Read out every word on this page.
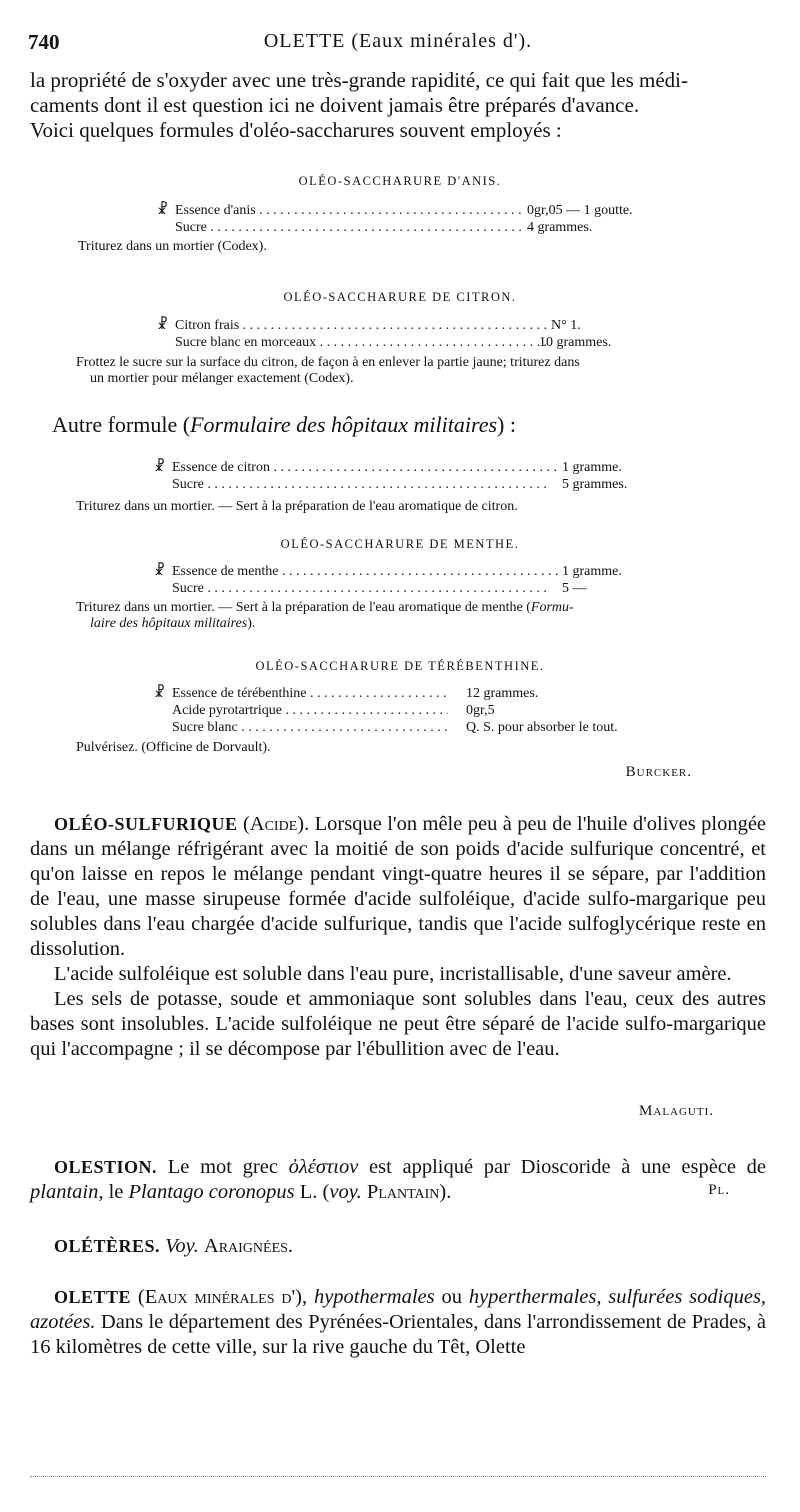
740	OLETTE (Eaux minérales d').

la propriété de s'oxyder avec une très-grande rapidité, ce qui fait que les médi-

caments dont il est question ici ne doivent jamais être préparés d'avance.

Voici quelques formules d'oléo-saccharures souvent employés :

OLÉO-SACCHARURE D'ANIS.
☧ Essence d'anis . . .	0gr,05 — 1 goutte.
Sucre . . .	4 grammes.
Triturez dans un mortier (Codex).
OLÉO-SACCHARURE DE CITRON.
☧ Citron frais . . .	N° 1.
Sucre blanc en morceaux . . .	10 grammes.
Frottez le sucre sur la surface du citron, de façon à en enlever la partie jaune; triturez dans
un mortier pour mélanger exactement (Codex).
Autre formule (Formulaire des hôpitaux militaires) :
☧ Essence de citron . . .	1 gramme.
Sucre . . .	5 grammes.
Triturez dans un mortier. — Sert à la préparation de l'eau aromatique de citron.
OLÉO-SACCHARURE DE MENTHE.
☧ Essence de menthe . . .	1 gramme.
Sucre . . .	5 —
Triturez dans un mortier. — Sert à la préparation de l'eau aromatique de menthe (Formu-
laire des hôpitaux militaires).
OLÉO-SACCHARURE DE TÉRÉBENTHINE.
☧ Essence de térébenthine . . .	12 grammes.
Acide pyrotartrique . . .	0gr,5
Sucre blanc . . .	Q. S. pour absorber le tout.
Pulvérisez. (Officine de Dorvault).
Burcker.

OLÉO-SULFURIQUE (Acide). Lorsque l'on mêle peu à peu de l'huile d'olives plongée dans un mélange réfrigérant avec la moitié de son poids d'acide sulfurique concentré, et qu'on laisse en repos le mélange pendant vingt-quatre heures il se sépare, par l'addition de l'eau, une masse sirupeuse formée d'acide sulfoléique, d'acide sulfo-margarique peu solubles dans l'eau chargée d'acide sulfurique, tandis que l'acide sulfoglycérique reste en dissolution.

L'acide sulfoléique est soluble dans l'eau pure, incristallisable, d'une saveur amère.

Les sels de potasse, soude et ammoniaque sont solubles dans l'eau, ceux des autres bases sont insolubles. L'acide sulfoléique ne peut être séparé de l'acide sulfo-margarique qui l'accompagne ; il se décompose par l'ébullition avec de l'eau.

Malaguti.

OLESTION. Le mot grec ὀλέστιον est appliqué par Dioscoride à une espèce de plantain, le Plantago coronopus L. (voy. Plantain).	Pl.

OLÉTÈRES. Voy. Araignées.

OLETTE (Eaux minérales d'), hypothermales ou hyperthermales, sulfurées sodiques, azotées. Dans le département des Pyrénées-Orientales, dans l'arrondissement de Prades, à 16 kilomètres de cette ville, sur la rive gauche du Têt, Olette
